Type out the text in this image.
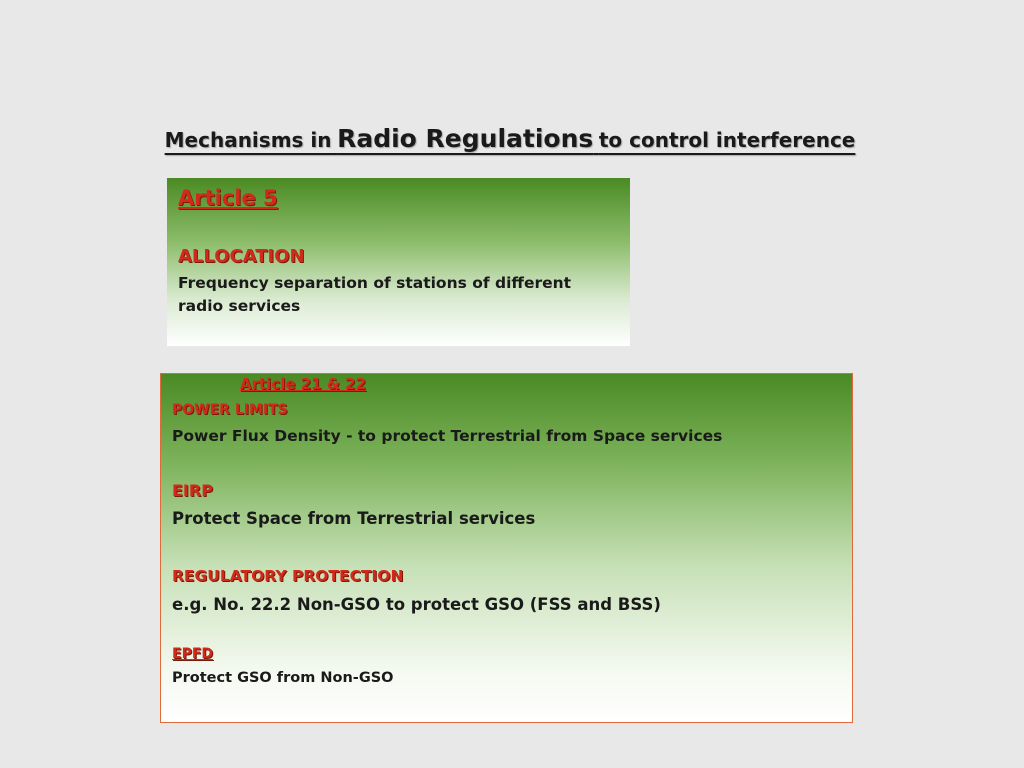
Mechanisms in Radio Regulations to control interference
Article 5
ALLOCATION
Frequency separation of stations of different radio services
Article 21 & 22
POWER LIMITS
Power Flux Density - to protect Terrestrial from Space services
EIRP
Protect Space from Terrestrial services
REGULATORY PROTECTION
e.g. No. 22.2 Non-GSO to protect GSO (FSS and BSS)
EPFD
Protect GSO from Non-GSO
